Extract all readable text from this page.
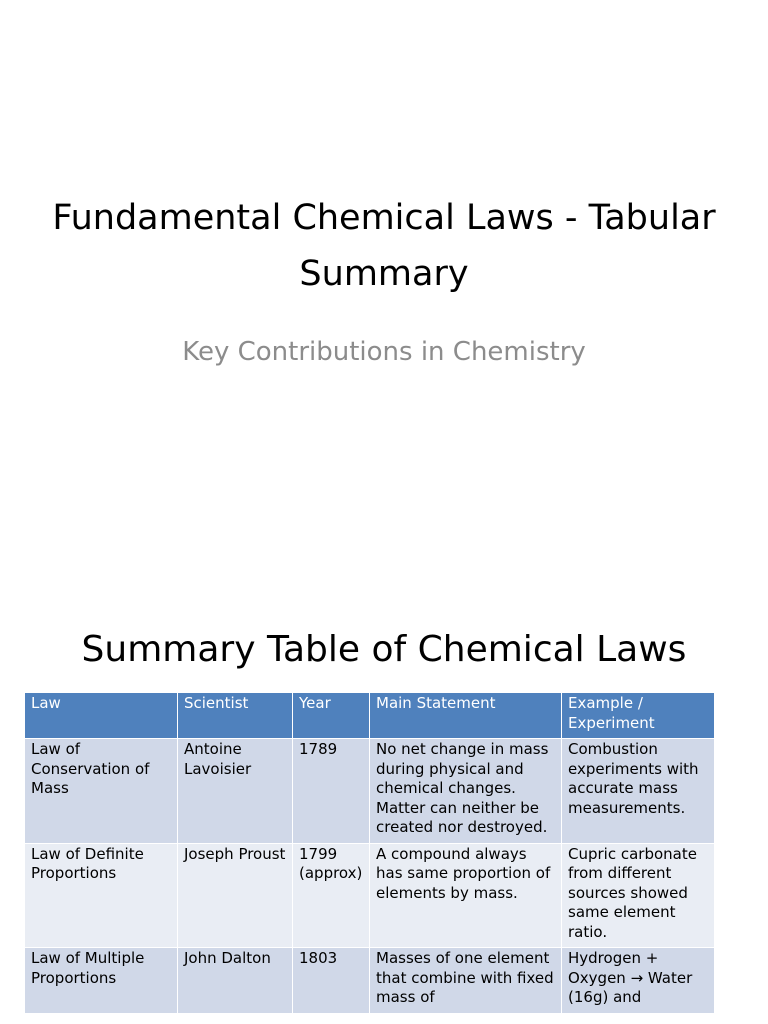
Fundamental Chemical Laws - Tabular Summary
Key Contributions in Chemistry
Summary Table of Chemical Laws
Law	Scientist	Year	Main Statement	Example / Experiment
Law of Conservation of Mass	Antoine Lavoisier	1789	No net change in mass during physical and chemical changes. Matter can neither be created nor destroyed.	Combustion experiments with accurate mass measurements.
Law of Definite Proportions	Joseph Proust	1799 (approx)	A compound always has same proportion of elements by mass.	Cupric carbonate from different sources showed same element ratio.
Law of Multiple Proportions	John Dalton	1803	Masses of one element that combine with fixed mass of	Hydrogen + Oxygen → Water (16g) and
